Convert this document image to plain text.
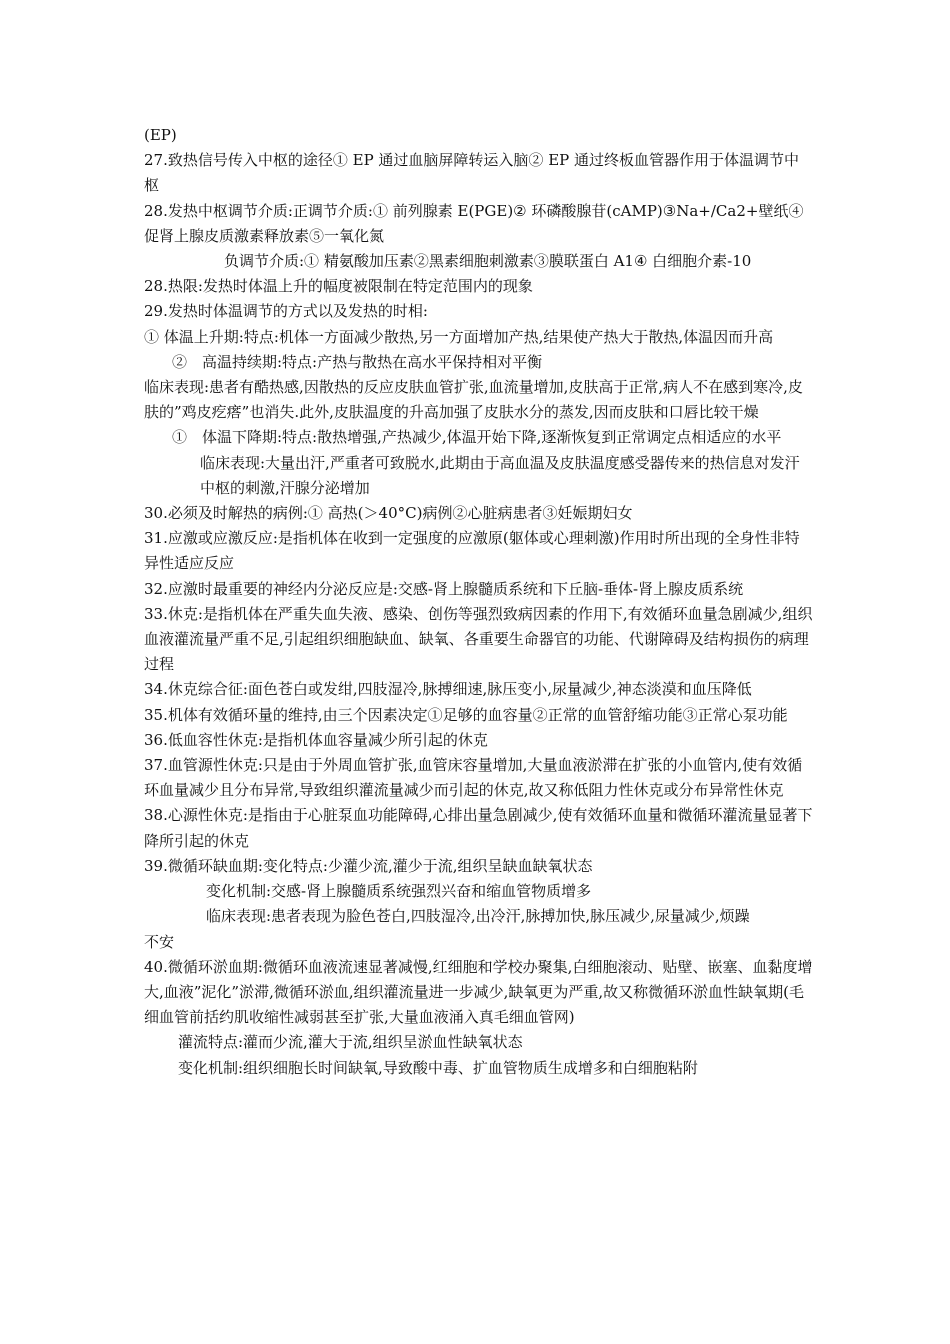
(EP)

27.致热信号传入中枢的途径① EP 通过血脑屏障转运入脑② EP 通过终板血管器作用于体温调节中枢

28.发热中枢调节介质:正调节介质:① 前列腺素 E(PGE)② 环磷酸腺苷(cAMP)③Na+/Ca2+壁纸④促肾上腺皮质激素释放素⑤一氧化氮

负调节介质:① 精氨酸加压素②黑素细胞刺激素③膜联蛋白 A1④ 白细胞介素-10

28.热限:发热时体温上升的幅度被限制在特定范围内的现象

29.发热时体温调节的方式以及发热的时相:

① 体温上升期:特点:机体一方面减少散热,另一方面增加产热,结果使产热大于散热,体温因而升高

②　高温持续期:特点:产热与散热在高水平保持相对平衡

临床表现:患者有酷热感,因散热的反应皮肤血管扩张,血流量增加,皮肤高于正常,病人不在感到寒冷,皮肤的”鸡皮疙瘩”也消失.此外,皮肤温度的升高加强了皮肤水分的蒸发,因而皮肤和口唇比较干燥

①　体温下降期:特点:散热增强,产热减少,体温开始下降,逐渐恢复到正常调定点相适应的水平

临床表现:大量出汗,严重者可致脱水,此期由于高血温及皮肤温度感受器传来的热信息对发汗中枢的刺激,汗腺分泌增加

30.必须及时解热的病例:① 高热(＞40°C)病例②心脏病患者③妊娠期妇女

31.应激或应激反应:是指机体在收到一定强度的应激原(躯体或心理刺激)作用时所出现的全身性非特异性适应反应

32.应激时最重要的神经内分泌反应是:交感-肾上腺髓质系统和下丘脑-垂体-肾上腺皮质系统

33.休克:是指机体在严重失血失液、感染、创伤等强烈致病因素的作用下,有效循环血量急剧减少,组织血液灌流量严重不足,引起组织细胞缺血、缺氧、各重要生命器官的功能、代谢障碍及结构损伤的病理过程

34.休克综合征:面色苍白或发绀,四肢湿冷,脉搏细速,脉压变小,尿量减少,神态淡漠和血压降低

35.机体有效循环量的维持,由三个因素决定①足够的血容量②正常的血管舒缩功能③正常心泵功能

36.低血容性休克:是指机体血容量减少所引起的休克

37.血管源性休克:只是由于外周血管扩张,血管床容量增加,大量血液淤滞在扩张的小血管内,使有效循环血量减少且分布异常,导致组织灌流量减少而引起的休克,故又称低阻力性休克或分布异常性休克

38.心源性休克:是指由于心脏泵血功能障碍,心排出量急剧减少,使有效循环血量和微循环灌流量显著下降所引起的休克

39.微循环缺血期:变化特点:少灌少流,灌少于流,组织呈缺血缺氧状态

变化机制:交感-肾上腺髓质系统强烈兴奋和缩血管物质增多

临床表现:患者表现为脸色苍白,四肢湿冷,出冷汗,脉搏加快,脉压减少,尿量减少,烦躁

不安

40.微循环淤血期:微循环血液流速显著减慢,红细胞和学校办聚集,白细胞滚动、贴壁、嵌塞、血黏度增大,血液”泥化”淤滞,微循环淤血,组织灌流量进一步减少,缺氧更为严重,故又称微循环淤血性缺氧期(毛细血管前括约肌收缩性减弱甚至扩张,大量血液涌入真毛细血管网)

灌流特点:灌而少流,灌大于流,组织呈淤血性缺氧状态

变化机制:组织细胞长时间缺氧,导致酸中毒、扩血管物质生成增多和白细胞粘附
